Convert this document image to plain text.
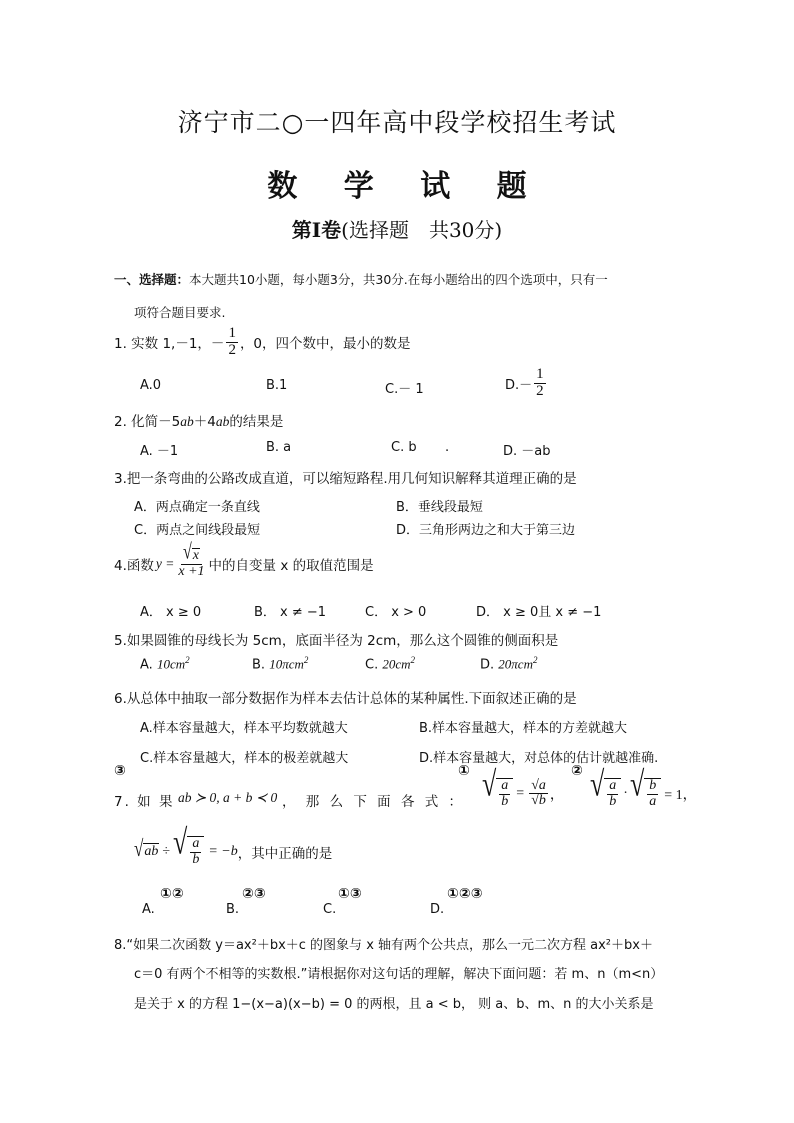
济宁市二○一四年高中段学校招生考试
数 学 试 题
第Ⅰ卷(选择题　共30分)
一、选择题：本大题共10小题，每小题3分，共30分.在每小题给出的四个选项中，只有一
项符合题目要求.
1. 实数 1,－1，－ $\frac{1}{2}$ ，0，四个数中，最小的数是
A.0	B.1	C.－ 1	$D.- \frac{1}{2}$
2. 化简－5ab＋4ab的结果是
A. －1	B. a	C. b .	D. －ab
3.把一条弯曲的公路改成直道，可以缩短路程.用几何知识解释其道理正确的是
A．两点确定一条直线	B．垂线段最短
C．两点之间线段最短	D．三角形两边之和大于第三边
4.函数 $y = \frac{√ x}{x +1}$ 中的自变量 x 的取值范围是
A． x ≥ 0	B． x ≠ −1	C． x > 0	D． x ≥ 0且 x ≠ −1
5.如果圆锥的母线长为 5cm，底面半径为 2cm，那么这个圆锥的侧面积是
A. $10cm^2$	B. 10πcm$^2$	C. $20cm^2$	D. 20πcm$^2$
6.从总体中抽取一部分数据作为样本去估计总体的某种属性.下面叙述正确的是
A.样本容量越大，样本平均数就越大	B.样本容量越大，样本的方差就越大
C.样本容量越大，样本的极差就越大	D.样本容量越大，对总体的估计就越准确.
③	①	②
7. 如 果 ab ≻ 0, a + b ≺ 0 ， 那 么 下 面 各 式 ： √ $\frac{a}{b} = \frac{√a}{√b}$ ， √ $\frac{a}{b}$ · √ $\frac{b}{a} = 1$，
√ ab ÷ √ $\frac{a}{b} = -b$ ，其中正确的是
①②	②③	①③	①②③
A.	B.	C.	D.
8.“如果二次函数 y＝ax²＋bx＋c 的图象与 x 轴有两个公共点，那么一元二次方程 ax²＋bx＋
c＝0 有两个不相等的实数根.”请根据你对这句话的理解，解决下面问题：若 m、n（m<n）
是关于 x 的方程 1−(x−a)(x−b) = 0 的两根，且 a < b， 则 a、b、m、n 的大小关系是
